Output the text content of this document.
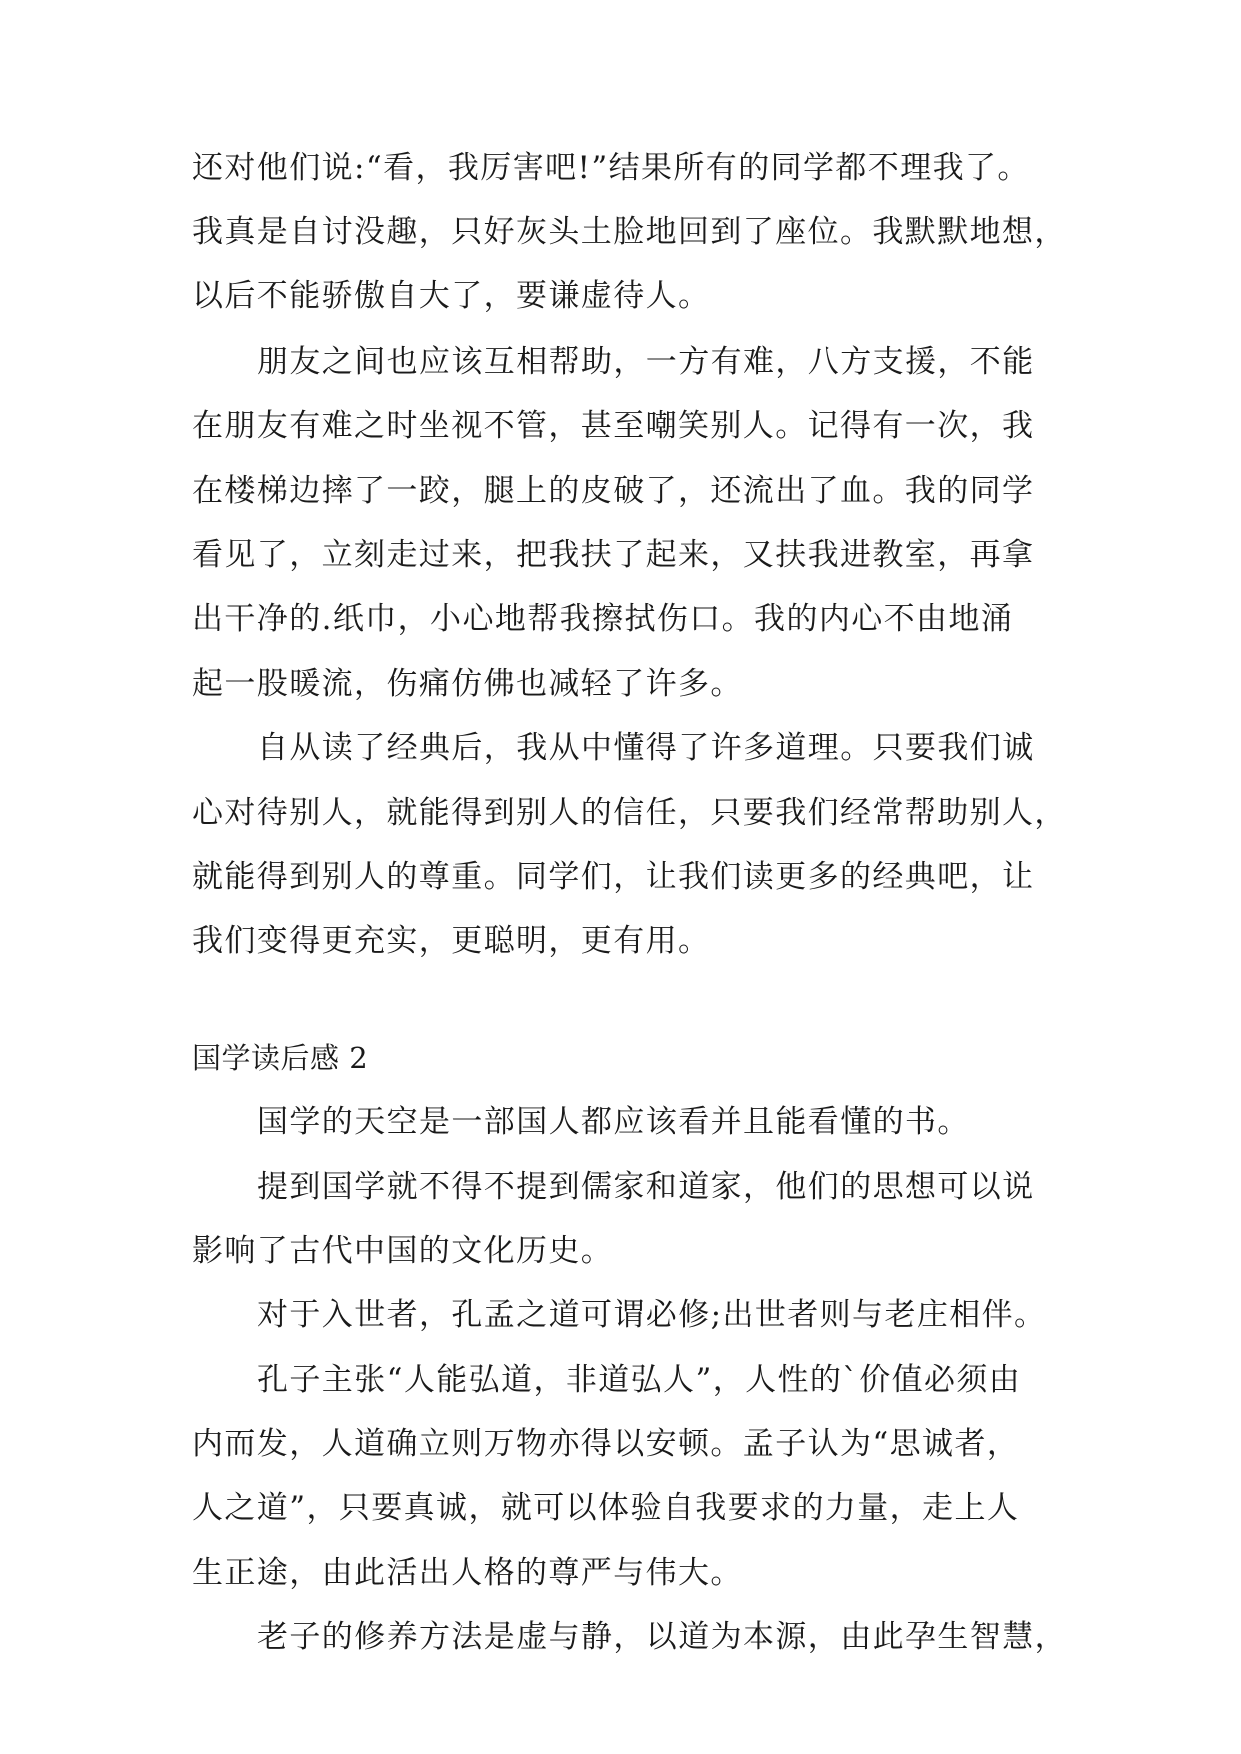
还对他们说:“看，我厉害吧!”结果所有的同学都不理我了。
我真是自讨没趣，只好灰头土脸地回到了座位。我默默地想，
以后不能骄傲自大了，要谦虚待人。
朋友之间也应该互相帮助，一方有难，八方支援，不能
在朋友有难之时坐视不管，甚至嘲笑别人。记得有一次，我
在楼梯边摔了一跤，腿上的皮破了，还流出了血。我的同学
看见了，立刻走过来，把我扶了起来，又扶我进教室，再拿
出干净的.纸巾，小心地帮我擦拭伤口。我的内心不由地涌
起一股暖流，伤痛仿佛也减轻了许多。
自从读了经典后，我从中懂得了许多道理。只要我们诚
心对待别人，就能得到别人的信任，只要我们经常帮助别人，
就能得到别人的尊重。同学们，让我们读更多的经典吧，让
我们变得更充实，更聪明，更有用。
国学读后感 2
国学的天空是一部国人都应该看并且能看懂的书。
提到国学就不得不提到儒家和道家，他们的思想可以说
影响了古代中国的文化历史。
对于入世者，孔孟之道可谓必修;出世者则与老庄相伴。
孔子主张“人能弘道，非道弘人”，人性的`价值必须由
内而发，人道确立则万物亦得以安顿。孟子认为“思诚者，
人之道”，只要真诚，就可以体验自我要求的力量，走上人
生正途，由此活出人格的尊严与伟大。
老子的修养方法是虚与静，以道为本源，由此孕生智慧，
